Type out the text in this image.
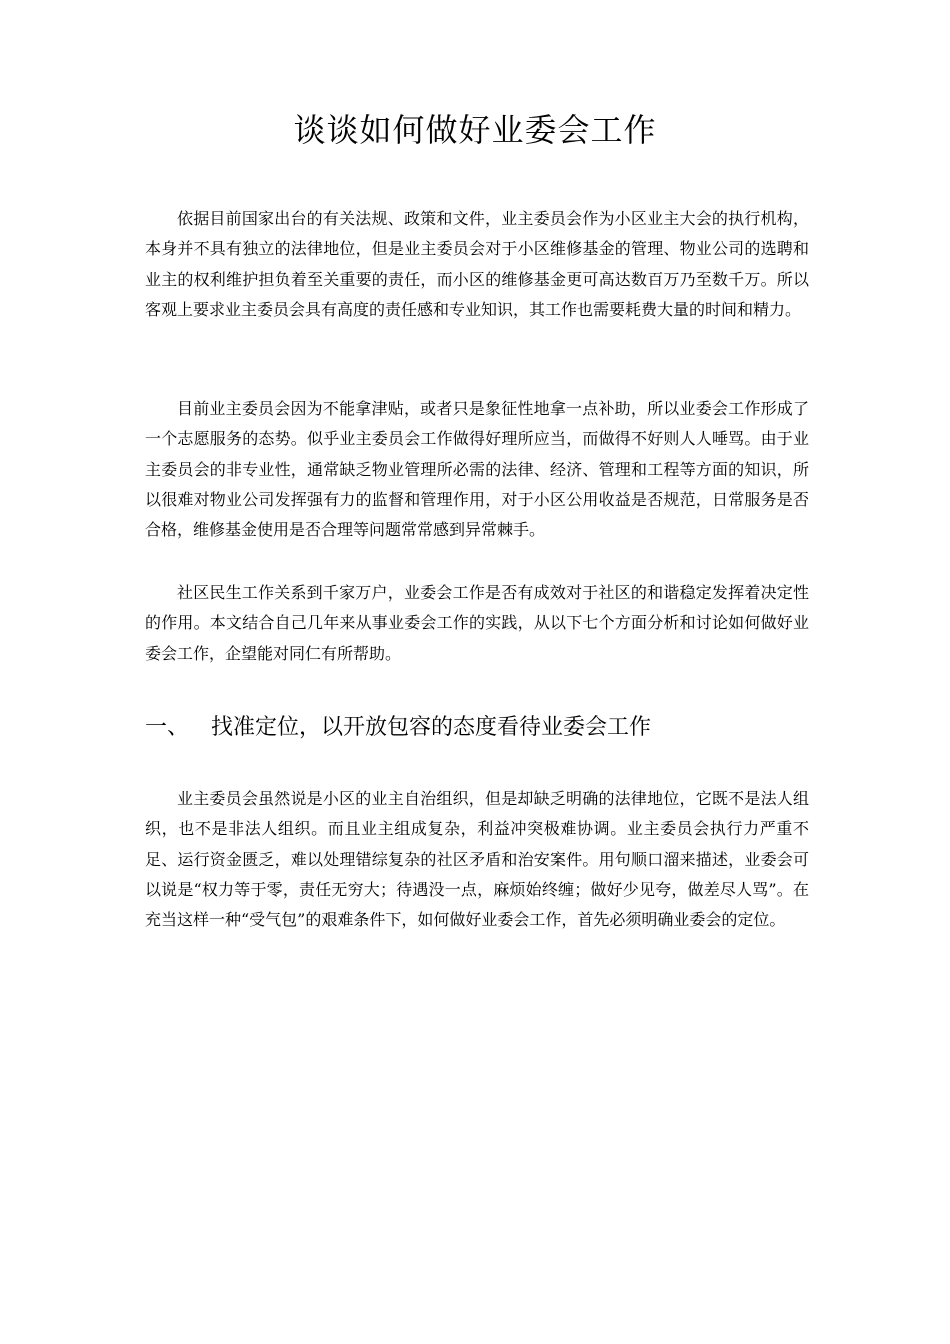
谈谈如何做好业委会工作

依据目前国家出台的有关法规、政策和文件，业主委员会作为小区业主大会的执行机构，本身并不具有独立的法律地位，但是业主委员会对于小区维修基金的管理、物业公司的选聘和业主的权利维护担负着至关重要的责任，而小区的维修基金更可高达数百万乃至数千万。所以客观上要求业主委员会具有高度的责任感和专业知识，其工作也需要耗费大量的时间和精力。

目前业主委员会因为不能拿津贴，或者只是象征性地拿一点补助，所以业委会工作形成了一个志愿服务的态势。似乎业主委员会工作做得好理所应当，而做得不好则人人唾骂。由于业主委员会的非专业性，通常缺乏物业管理所必需的法律、经济、管理和工程等方面的知识，所以很难对物业公司发挥强有力的监督和管理作用，对于小区公用收益是否规范，日常服务是否合格，维修基金使用是否合理等问题常常感到异常棘手。

社区民生工作关系到千家万户，业委会工作是否有成效对于社区的和谐稳定发挥着决定性的作用。本文结合自己几年来从事业委会工作的实践，从以下七个方面分析和讨论如何做好业委会工作，企望能对同仁有所帮助。

一、 找准定位，以开放包容的态度看待业委会工作

业主委员会虽然说是小区的业主自治组织，但是却缺乏明确的法律地位，它既不是法人组织，也不是非法人组织。而且业主组成复杂，利益冲突极难协调。业主委员会执行力严重不足、运行资金匮乏，难以处理错综复杂的社区矛盾和治安案件。用句顺口溜来描述，业委会可以说是“权力等于零，责任无穷大；待遇没一点，麻烦始终缠；做好少见夸，做差尽人骂”。在充当这样一种“受气包”的艰难条件下，如何做好业委会工作，首先必须明确业委会的定位。
